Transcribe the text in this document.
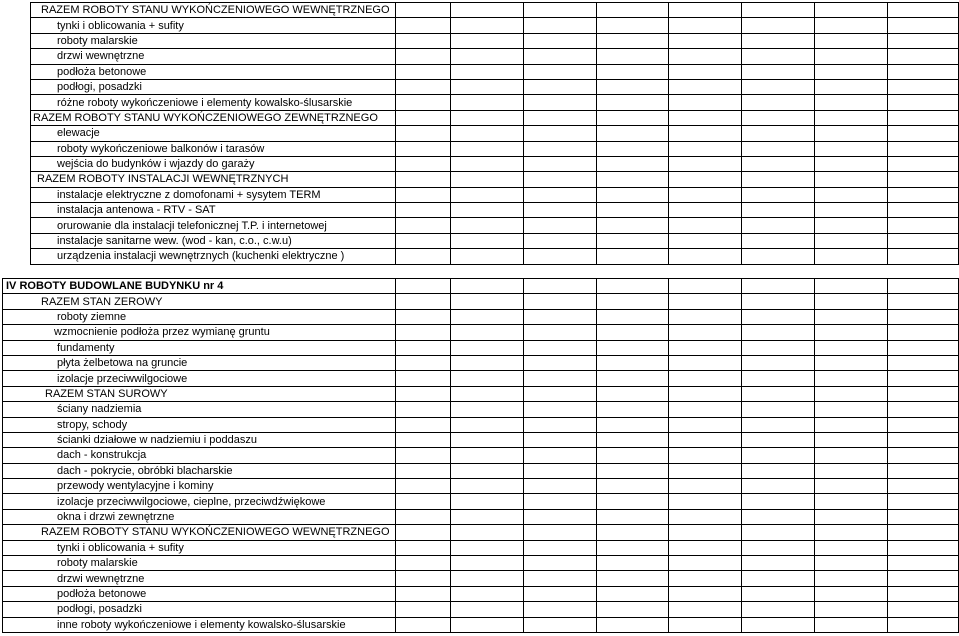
RAZEM ROBOTY STANU WYKOŃCZENIOWEGO WEWNĘTRZNEGO								
tynki i oblicowania + sufity								
roboty malarskie								
drzwi wewnętrzne								
podłoża betonowe								
podłogi, posadzki								
różne roboty wykończeniowe i elementy kowalsko-ślusarskie								
RAZEM ROBOTY STANU WYKOŃCZENIOWEGO ZEWNĘTRZNEGO								
elewacje								
roboty wykończeniowe balkonów i tarasów								
wejścia do budynków i wjazdy do garaży								
RAZEM ROBOTY INSTALACJI WEWNĘTRZNYCH								
instalacje elektryczne z domofonami + sysytem TERM								
instalacja antenowa - RTV - SAT								
orurowanie dla instalacji telefonicznej T.P. i internetowej								
instalacje sanitarne wew. (wod - kan, c.o., c.w.u)								
urządzenia instalacji wewnętrznych (kuchenki elektryczne )								
IV ROBOTY BUDOWLANE BUDYNKU nr 4								
RAZEM STAN ZEROWY								
roboty ziemne								
wzmocnienie podłoża przez wymianę gruntu								
fundamenty								
płyta żelbetowa na gruncie								
izolacje przeciwwilgociowe								
RAZEM STAN SUROWY								
ściany nadziemia								
stropy, schody								
ścianki działowe w nadziemiu i poddaszu								
dach - konstrukcja								
dach - pokrycie, obróbki blacharskie								
przewody wentylacyjne i kominy								
izolacje przeciwwilgociowe, cieplne, przeciwdźwiękowe								
okna i drzwi zewnętrzne								
RAZEM ROBOTY STANU WYKOŃCZENIOWEGO WEWNĘTRZNEGO								
tynki i oblicowania + sufity								
roboty malarskie								
drzwi wewnętrzne								
podłoża betonowe								
podłogi, posadzki								
inne roboty wykończeniowe i elementy kowalsko-ślusarskie								
